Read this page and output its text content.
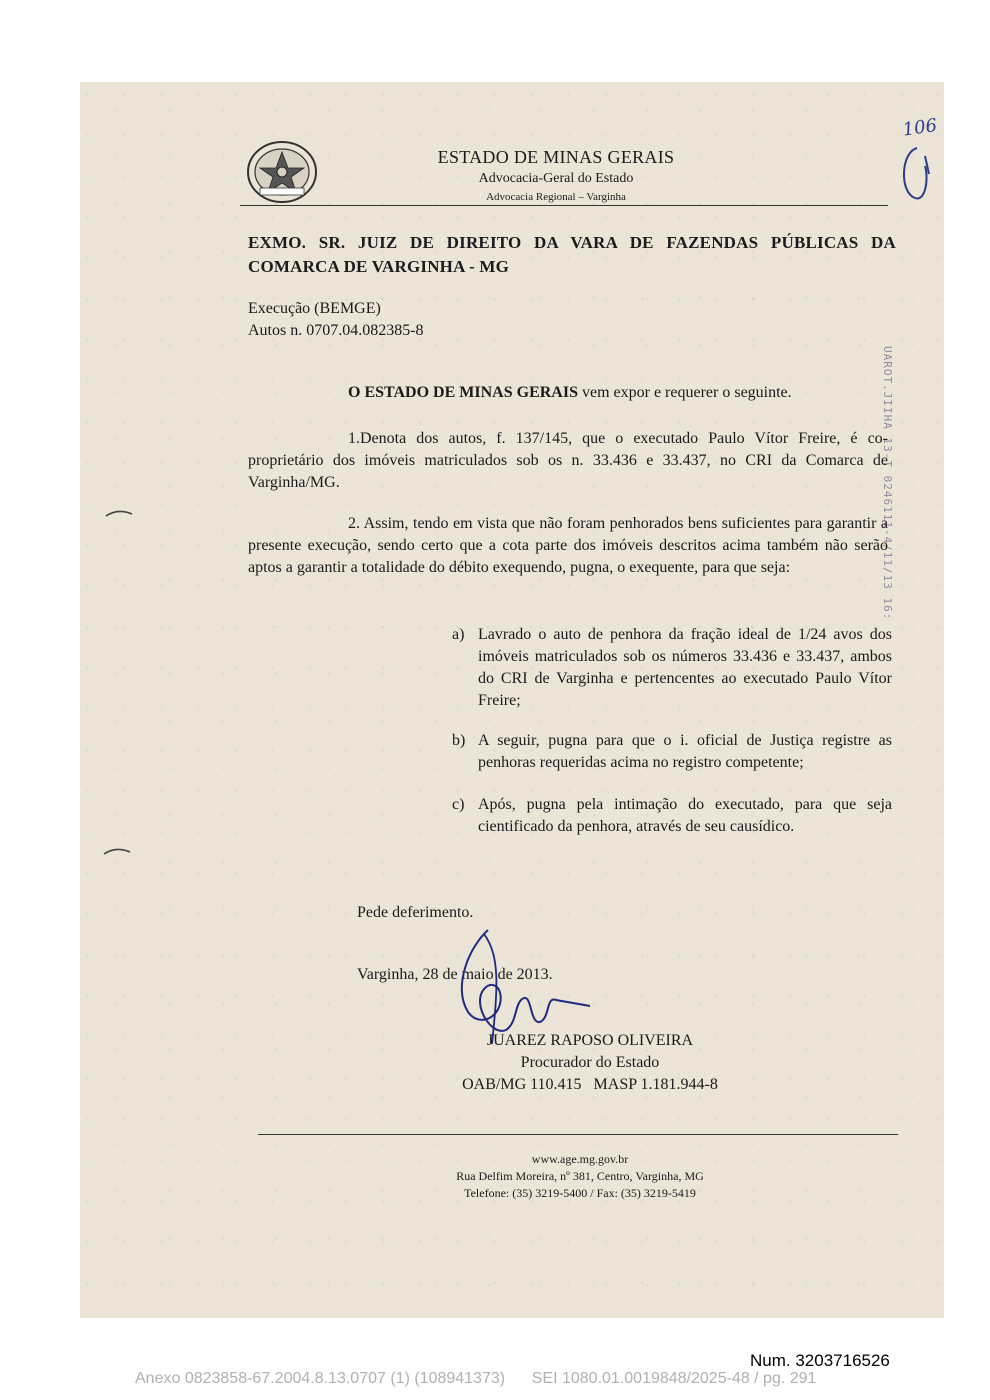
ESTADO DE MINAS GERAIS
Advocacia-Geral do Estado
Advocacia Regional – Varginha
106
UAROT.JIIHA 13-T 0246111-4/11/13 16:
EXMO. SR. JUIZ DE DIREITO DA VARA DE FAZENDAS PÚBLICAS DA COMARCA DE VARGINHA - MG
Execução (BEMGE)
Autos n. 0707.04.082385-8
O ESTADO DE MINAS GERAIS vem expor e requerer o seguinte.
1.Denota dos autos, f. 137/145, que o executado Paulo Vítor Freire, é co-proprietário dos imóveis matriculados sob os n. 33.436 e 33.437, no CRI da Comarca de Varginha/MG.
2. Assim, tendo em vista que não foram penhorados bens suficientes para garantir a presente execução, sendo certo que a cota parte dos imóveis descritos acima também não serão aptos a garantir a totalidade do débito exequendo, pugna, o exequente, para que seja:
a) Lavrado o auto de penhora da fração ideal de 1/24 avos dos imóveis matriculados sob os números 33.436 e 33.437, ambos do CRI de Varginha e pertencentes ao executado Paulo Vítor Freire;
b) A seguir, pugna para que o i. oficial de Justiça registre as penhoras requeridas acima no registro competente;
c) Após, pugna pela intimação do executado, para que seja cientificado da penhora, através de seu causídico.
Pede deferimento.
Varginha, 28 de maio de 2013.
JUAREZ RAPOSO OLIVEIRA
Procurador do Estado
OAB/MG 110.415   MASP 1.181.944-8
www.age.mg.gov.br
Rua Delfim Moreira, nº 381, Centro, Varginha, MG
Telefone: (35) 3219-5400 / Fax: (35) 3219-5419
Num. 3203716526
Anexo 0823858-67.2004.8.13.0707 (1) (108941373)      SEI 1080.01.0019848/2025-48 / pg. 291
